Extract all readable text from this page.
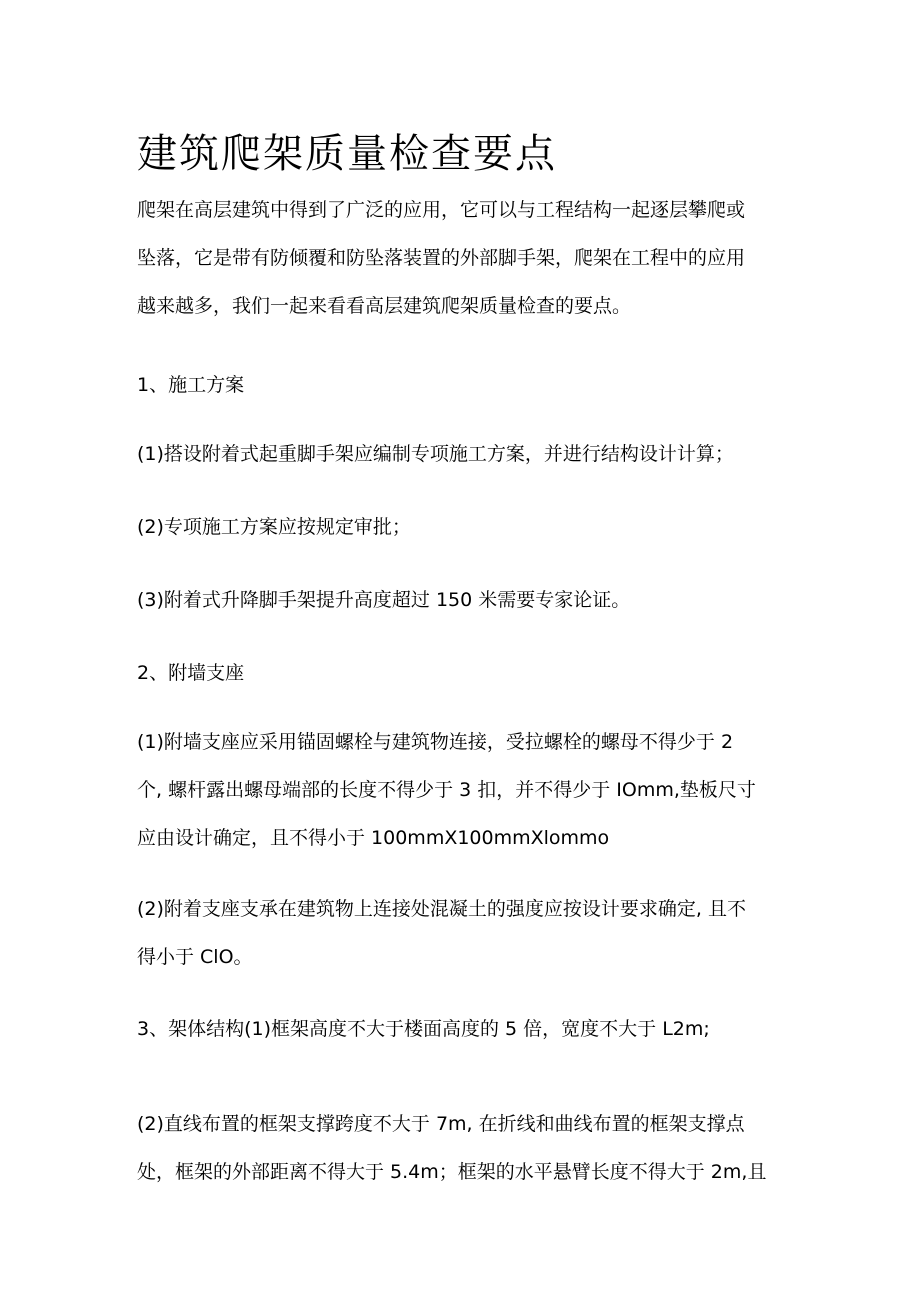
建筑爬架质量检查要点
爬架在高层建筑中得到了广泛的应用，它可以与工程结构一起逐层攀爬或
坠落，它是带有防倾覆和防坠落装置的外部脚手架，爬架在工程中的应用
越来越多，我们一起来看看高层建筑爬架质量检查的要点。
1、施工方案
(1)搭设附着式起重脚手架应编制专项施工方案，并进行结构设计计算；
(2)专项施工方案应按规定审批；
(3)附着式升降脚手架提升高度超过 150 米需要专家论证。
2、附墙支座
(1)附墙支座应采用锚固螺栓与建筑物连接，受拉螺栓的螺母不得少于 2
个, 螺杆露出螺母端部的长度不得少于 3 扣，并不得少于 IOmm,垫板尺寸
应由设计确定，且不得小于 100mmX100mmXlommo
(2)附着支座支承在建筑物上连接处混凝土的强度应按设计要求确定, 且不
得小于 ClO。
3、架体结构(1)框架高度不大于楼面高度的 5 倍，宽度不大于 L2m;
(2)直线布置的框架支撑跨度不大于 7m, 在折线和曲线布置的框架支撑点
处，框架的外部距离不得大于 5.4m；框架的水平悬臂长度不得大于 2m,且
